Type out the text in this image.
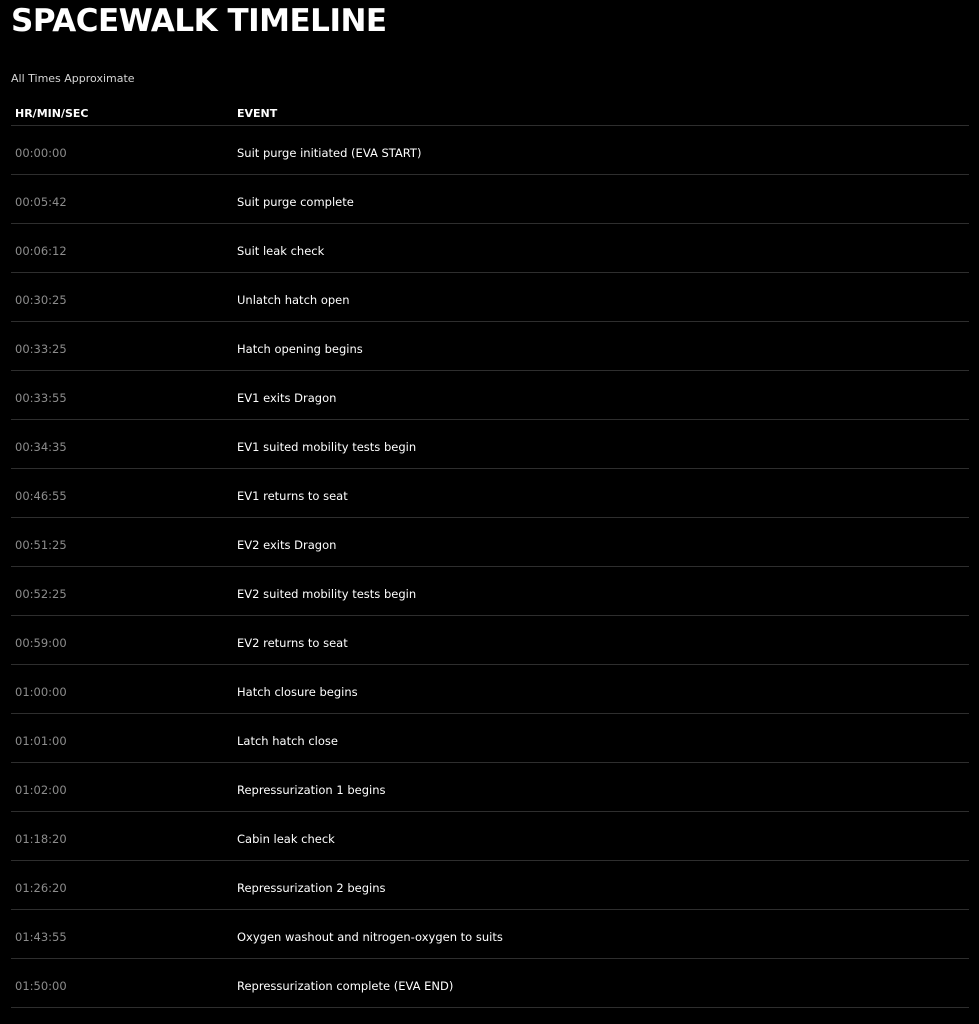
SPACEWALK TIMELINE
All Times Approximate
HR/MIN/SEC	EVENT
00:00:00	Suit purge initiated (EVA START)
00:05:42	Suit purge complete
00:06:12	Suit leak check
00:30:25	Unlatch hatch open
00:33:25	Hatch opening begins
00:33:55	EV1 exits Dragon
00:34:35	EV1 suited mobility tests begin
00:46:55	EV1 returns to seat
00:51:25	EV2 exits Dragon
00:52:25	EV2 suited mobility tests begin
00:59:00	EV2 returns to seat
01:00:00	Hatch closure begins
01:01:00	Latch hatch close
01:02:00	Repressurization 1 begins
01:18:20	Cabin leak check
01:26:20	Repressurization 2 begins
01:43:55	Oxygen washout and nitrogen-oxygen to suits
01:50:00	Repressurization complete (EVA END)
